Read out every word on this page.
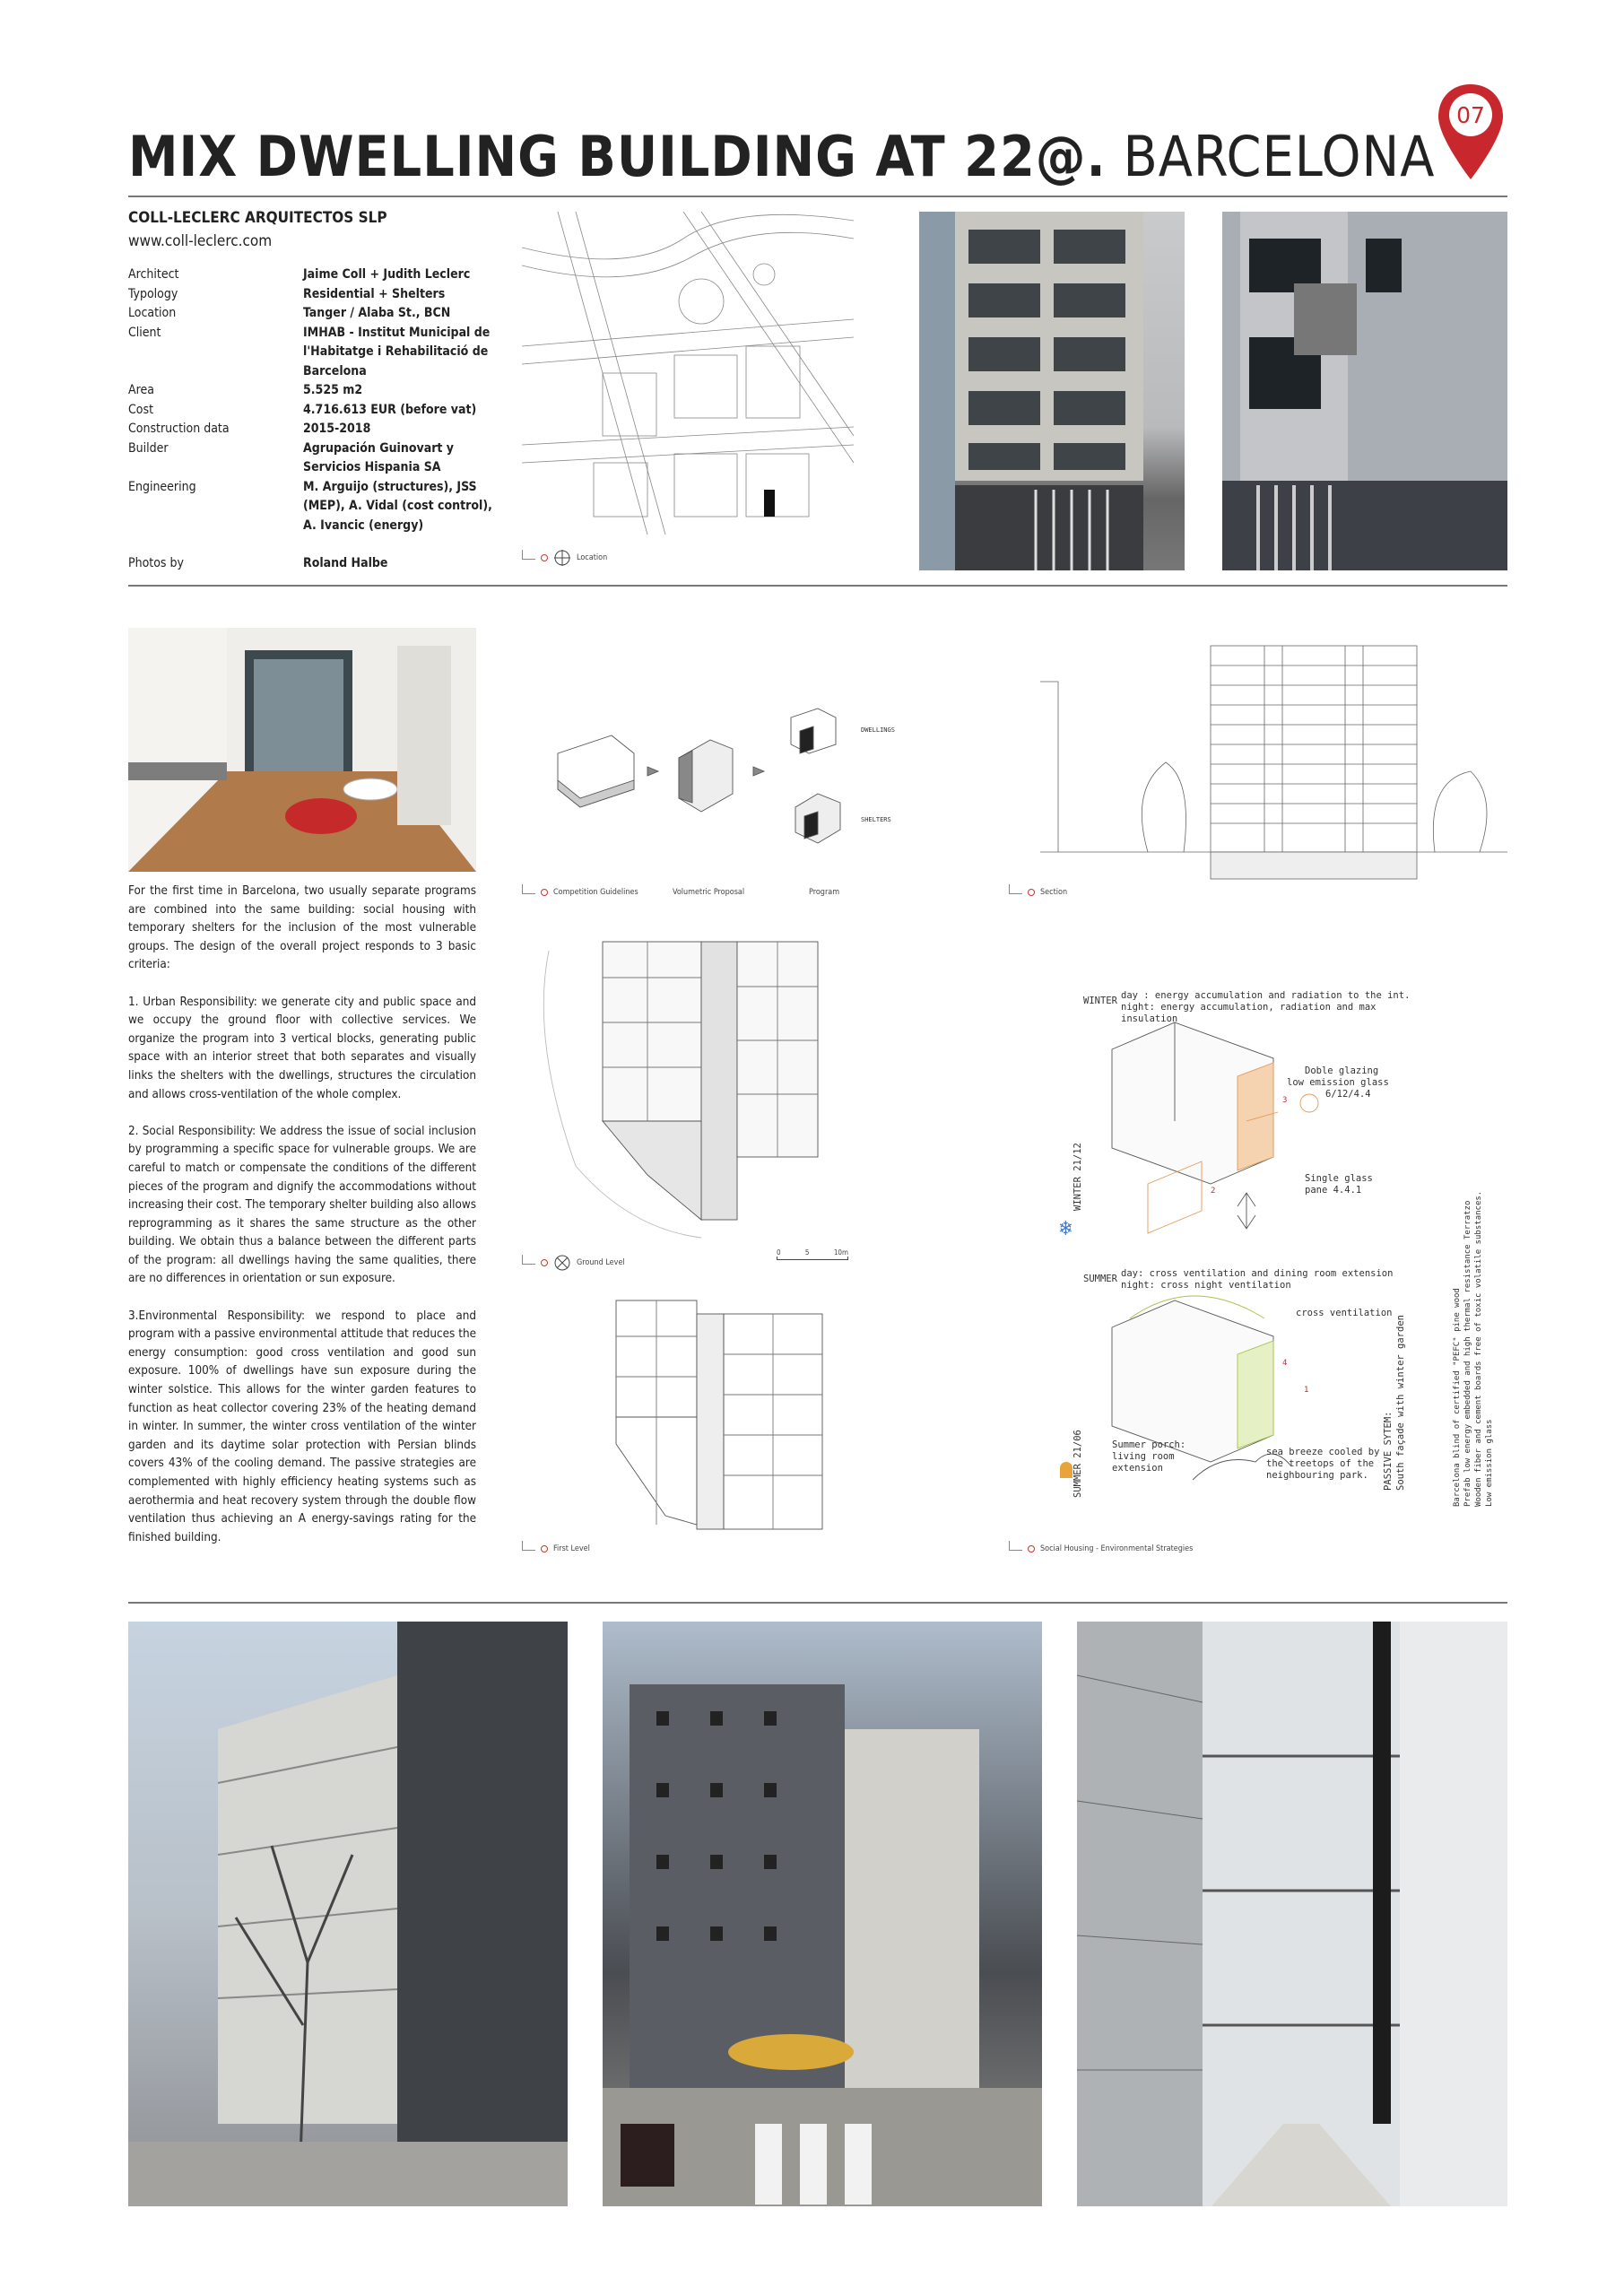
MIX DWELLING BUILDING AT 22@. BARCELONA
07
COLL-LECLERC ARQUITECTOS SLP
www.coll-leclerc.com
Architect	Jaime Coll + Judith Leclerc
Typology	Residential + Shelters
Location	Tanger / Alaba St., BCN
Client	IMHAB - Institut Municipal de l'Habitatge i Rehabilitació de Barcelona
Area	5.525 m2
Cost	4.716.613 EUR (before vat)
Construction data	2015-2018
Builder	Agrupación Guinovart y Servicios Hispania SA
Engineering	M. Arguijo (structures), JSS (MEP), A. Vidal (cost control), A. Ivancic (energy)
Photos by	Roland Halbe	Location

For the first time in Barcelona, two usually separate programs are combined into the same building: social housing with temporary shelters for the inclusion of the most vulnerable groups. The design of the overall project responds to 3 basic criteria:

1. Urban Responsibility: we generate city and public space and we occupy the ground floor with collective services. We organize the program into 3 vertical blocks, generating public space with an interior street that both separates and visually links the shelters with the dwellings, structures the circulation and allows cross-ventilation of the whole complex.

2. Social Responsibility: We address the issue of social inclusion by programming a specific space for vulnerable groups. We are careful to match or compensate the conditions of the different pieces of the program and dignify the accommodations without increasing their cost. The temporary shelter building also allows reprogramming as it shares the same structure as the other building. We obtain thus a balance between the different parts of the program: all dwellings having the same qualities, there are no differences in orientation or sun exposure.

3.Environmental Responsibility: we respond to place and program with a passive environmental attitude that reduces the energy consumption: good cross ventilation and good sun exposure. 100% of dwellings have sun exposure during the winter solstice. This allows for the winter garden features to function as heat collector covering 23% of the heating demand in winter. In summer, the winter cross ventilation of the winter garden and its daytime solar protection with Persian blinds covers 43% of the cooling demand. The passive strategies are complemented with highly efficiency heating systems such as aerothermia and heat recovery system through the double flow ventilation thus achieving an A energy-savings rating for the finished building.

DWELLINGS
SHELTERS
Competition Guidelines	Volumetric Proposal	Program	Section
0	5	10m
Ground Level
First Level
WINTER day : energy accumulation and radiation to the int.
night: energy accumulation, radiation and max
insulation
Doble glazing
low emission glass
6/12/4.4
Single glass
pane 4.4.1
3
2
WINTER 21/12
❄
SUMMER day: cross ventilation and dining room extension
night: cross night ventilation
cross ventilation
4
1
SUMMER 21/06	Summer porch:
living room
extension
sea breeze cooled by
the treetops of the
neighbouring park. PASSIVE SYTEM: South façade with winter garden	Barcelona blind of certified "PEFC" pine wood Prefab low energy embedded and high thermal resistance Terratzo Wooden fiber and cement boards free of toxic volatile substances. Low emission glass
Social Housing - Environmental Strategies
